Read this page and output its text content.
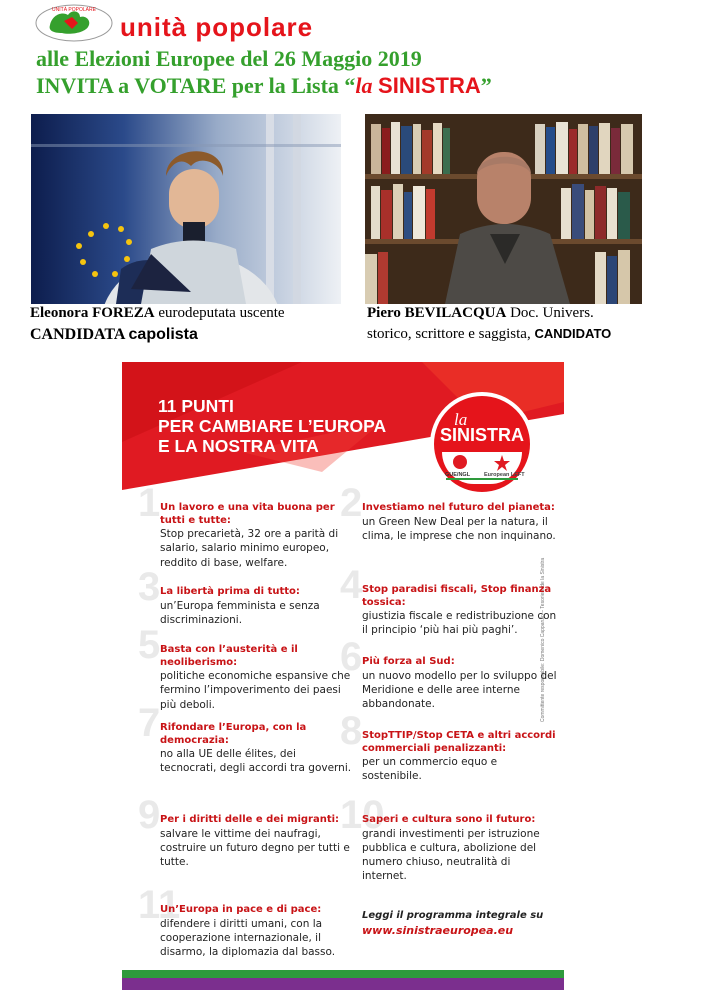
UNITÀ POPOLARE
unità popolare
alle Elezioni Europee del 26 Maggio 2019
INVITA a VOTARE per la Lista “la SINISTRA”
Eleonora FOREZA eurodeputata uscente
CANDIDATA capolista
Piero BEVILACQUA Doc. Univers.
storico, scrittore e saggista, CANDIDATO
11 PUNTI
PER CAMBIARE L’EUROPA
E LA NOSTRA VITA
la
SINISTRA
GUE/NGL	European LEFT
1 Un lavoro e una vita buona per tutti e tutte:
Stop precarietà, 32 ore a parità di salario, salario minimo europeo, reddito di base, welfare.
2 Investiamo nel futuro del pianeta:
un Green New Deal per la natura, il clima, le imprese che non inquinano.
3 La libertà prima di tutto:
un’Europa femminista e senza discriminazioni.
4 Stop paradisi fiscali, Stop finanza tossica:
giustizia fiscale e redistribuzione con il principio ‘più hai più paghi’.
5 Basta con l’austerità e il neoliberismo:
politiche economiche espansive che fermino l’impoverimento dei paesi più deboli.
6 Più forza al Sud:
un nuovo modello per lo sviluppo del Meridione e delle aree interne abbandonate.
7 Rifondare l’Europa, con la democrazia:
no alla UE delle élites, dei tecnocrati, degli accordi tra governi.
8 StopTTIP/Stop CETA e altri accordi commerciali penalizzanti:
per un commercio equo e sostenibile.
9 Per i diritti delle e dei migranti:
salvare le vittime dei naufragi, costruire un futuro degno per tutti e tutte.
10
Saperi e cultura sono il futuro:
grandi investimenti per istruzione pubblica e cultura, abolizione del numero chiuso, neutralità di internet.
11
Un’Europa in pace e di pace:
difendere i diritti umani, con la cooperazione internazionale, il disarmo, la diplomazia dal basso.
Leggi il programma integrale su
www.sinistraeuropea.eu
Committente responsabile: Domenico Capparulo – Tesoriere de la Sinistra
